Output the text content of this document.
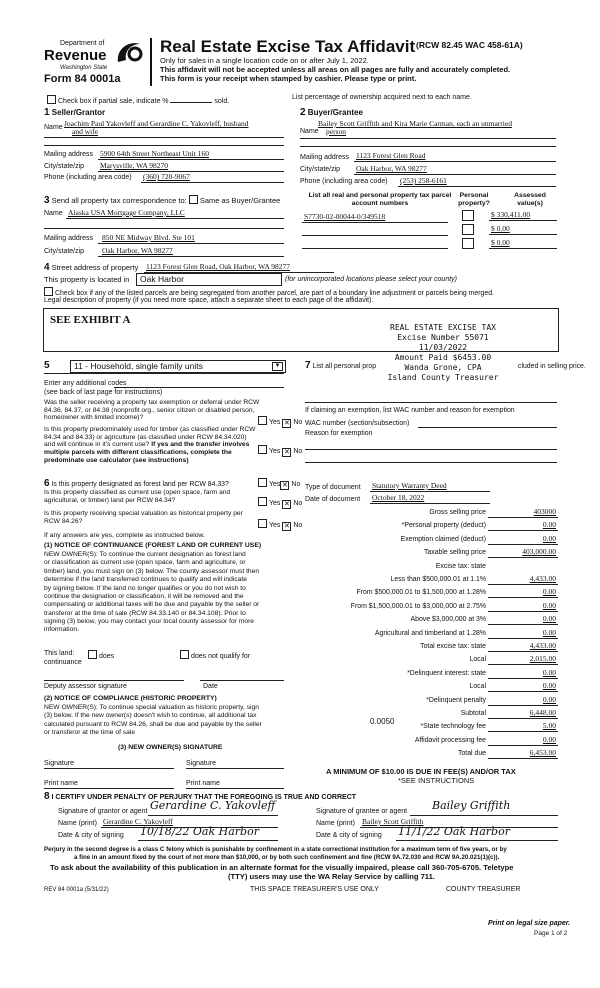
Department of
Revenue
Washington State
Form 84 0001a
Real Estate Excise Tax Affidavit (RCW 82.45 WAC 458-61A)
Only for sales in a single location code on or after July 1, 2022.
This affidavit will not be accepted unless all areas on all pages are fully and accurately completed.
This form is your receipt when stamped by cashier. Please type or print.
Check box if partial sale, indicate %	sold.
List percentage of ownership acquired next to each name.
1 Seller/Grantor
Name Joachim Paul Yakovleff and Gerardine C. Yakovleff, husband
and wife
Mailing address 5900 64th Street Northeast Unit 160
City/state/zip Marysville, WA 98270
Phone (including area code) (360) 720-9067
2 Buyer/Grantee
Name
Bailey Scott Griffith and Kira Marie Carman, each an unmarried
person
Mailing address 1123 Forest Glen Road
City/state/zip Oak Harbor, WA 98277
Phone (including area code) (253) 258-6161
3 Send all property tax correspondence to: Same as Buyer/Grantee
Name Alaska USA Mortgage Company, LLC
Mailing address 850 NE Midway Blvd. Ste 101
City/state/zip Oak Harbor, WA 98277
List all real and personal property tax parcel account numbers
Personal property?
Assessed value(s)
S7730-02-00044-0/349518	$ 330,411.00
$ 0.00
$ 0.00
4 Street address of property 1123 Forest Glen Road, Oak Harbor, WA 98277
This property is located in	Oak Harbor	(for unincorporated locations please select your county)
Check box if any of the listed parcels are being segregated from another parcel, are part of a boundary line adjustment or parcels being merged.
Legal description of property (if you need more space, attach a separate sheet to each page of the affidavit).
SEE EXHIBIT A
REAL ESTATE EXCISE TAX
Excise Number 55071
11/03/2022
Amount Paid $6453.00
Wanda Grone, CPA
Island County Treasurer
5	11 - Household, single family units	▼
Enter any additional codes
(see back of last page for instructions)
Was the seller receiving a property tax exemption or deferral under RCW 84.36, 84.37, or 84.38 (nonprofit org., senior citizen or disabled person, homeowner with limited income)?
Yes ✕ No
Is this property predominately used for timber (as classified under RCW 84.34 and 84.33) or agriculture (as classified under RCW 84.34.020) and will continue in it's current use? If yes and the transfer involves multiple parcels with different classifications, complete the predominate use calculator (see instructions)
Yes ✕ No
7 List all personal prop	cluded in selling price.
If claiming an exemption, list WAC number and reason for exemption
WAC number (section/subsection)
Reason for exemption
6 Is this property designated as forest land per RCW 84.33?	Yes ✕ No
Is this property classified as current use (open space, farm and agricultural, or timber) land per RCW 84.34?	Yes ✕ No
Is this property receiving special valuation as historical property per RCW 84.26?
Yes ✕ No
If any answers are yes, complete as instructed below.
(1) NOTICE OF CONTINUANCE (FOREST LAND OR CURRENT USE)
NEW OWNER(S): To continue the current designation as forest land
or classification as current use (open space, farm and agriculture, or
timber) land, you must sign on (3) below. The county assessor must then
determine if the land transferred continues to qualify and will indicate
by signing below. If the land no longer qualifies or you do not wish to
continue the designation or classification, it will be removed and the
compensating or additional taxes will be due and payable by the seller or
transferor at the time of sale (RCW 84.33.140 or 84.34.108). Prior to
signing (3) below, you may contact your local county assessor for more
information.
This land:	does	does not qualify for
continuance
Deputy assessor signature	Date
(2) NOTICE OF COMPLIANCE (HISTORIC PROPERTY)
NEW OWNER(S): To continue special valuation as historic property, sign
(3) below. If the new owner(s) doesn't wish to continue, all additional tax
calculated pursuant to RCW 84.26, shall be due and payable by the seller
or transferor at the time of sale
(3) NEW OWNER(S) SIGNATURE
Signature	Signature
Print name	Print name
Type of document Statutory Warranty Deed
Date of document October 18, 2022
Gross selling price	403000
*Personal property (deduct)	0.00
Exemption claimed (deduct)	0.00
Taxable selling price	403,000.00
Excise tax: state
Less than $500,000.01 at 1.1%	4,433.00
From $500,000.01 to $1,500,000 at 1.28%	0.00
From $1,500,000.01 to $3,000,000 at 2.75%	0.00
Above $3,000,000 at 3%	0.00
Agricultural and timberland at 1.28%	0.00
Total excise tax: state	4,433.00
Local	2,015.00
*Delinquent interest: state	0.00
Local	0.00
*Delinquent penalty	0.00
Subtotal	6,448.00
*State technology fee	5.00
Affidavit processing fee	0.00
Total due	6,453.00
0.0050
A MINIMUM OF $10.00 IS DUE IN FEE(S) AND/OR TAX
*SEE INSTRUCTIONS
8 I CERTIFY UNDER PENALTY OF PERJURY THAT THE FOREGOING IS TRUE AND CORRECT
Signature of grantor or agent Gerardine C. Yakovleff
Name (print) Gerardine C. Yakovleff
Date & city of signing 10/18/22 Oak Harbor
Signature of grantee or agent Bailey Griffith
Name (print) Bailey Scott Griffith
Date & city of signing 11/1/22 Oak Harbor
Perjury in the second degree is a class C felony which is punishable by confinement in a state correctional institution for a maximum term of five years, or by
a fine in an amount fixed by the court of not more than $10,000, or by both such confinement and fine (RCW 9A.72.030 and RCW 9A.20.021(1)(c)).
To ask about the availability of this publication in an alternate format for the visually impaired, please call 360-705-6705. Teletype
(TTY) users may use the WA Relay Service by calling 711.
REV 84 0001a (5/31/22)	THIS SPACE TREASURER'S USE ONLY	COUNTY TREASURER
Print on legal size paper.
Page 1 of 2
